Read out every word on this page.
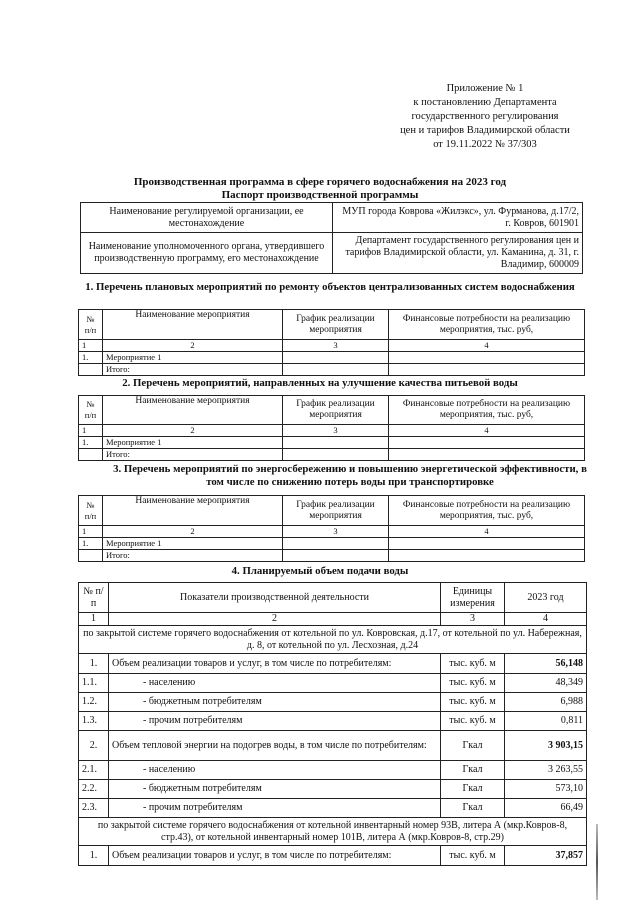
Приложение № 1
к постановлению Департамента
государственного регулирования
цен и тарифов Владимирской области
от 19.11.2022 № 37/303
Производственная программа в сфере горячего водоснабжения на 2023 год
Паспорт производственной программы
Наименование регулируемой организации, ее местонахождение	МУП города Коврова «Жилэкс», ул. Фурманова, д.17/2, г. Ковров, 601901
Наименование уполномоченного органа, утвердившего производственную программу, его местонахождение	Департамент государственного регулирования цен и тарифов Владимирской области, ул. Каманина, д. 31, г. Владимир, 600009
1. Перечень плановых мероприятий по ремонту объектов централизованных систем водоснабжения
№ п/п	Наименование мероприятия	График реализации мероприятия	Финансовые потребности на реализацию мероприятия, тыс. руб,
1	2	3	4
1.	Мероприятие 1		
	Итого:		
2. Перечень мероприятий, направленных на улучшение качества питьевой воды
№ п/п	Наименование мероприятия	График реализации мероприятия	Финансовые потребности на реализацию мероприятия, тыс. руб,
1	2	3	4
1.	Мероприятие 1		
	Итого:		
3. Перечень мероприятий по энергосбережению и повышению энергетической эффективности, в том числе по снижению потерь воды при транспортировке
№ п/п	Наименование мероприятия	График реализации мероприятия	Финансовые потребности на реализацию мероприятия, тыс. руб,
1	2	3	4
1.	Мероприятие 1		
	Итого:		
4. Планируемый объем подачи воды
№ п/п	Показатели производственной деятельности	Единицы измерения	2023 год
1	2	3	4
по закрытой системе горячего водоснабжения от котельной по ул. Ковровская, д.17, от котельной по ул. Набережная, д. 8, от котельной по ул. Лесхозная, д.24			
1.	Объем реализации товаров и услуг, в том числе по потребителям:	тыс. куб. м	56,148
1.1.	- населению	тыс. куб. м	48,349
1.2.	- бюджетным потребителям	тыс. куб. м	6,988
1.3.	- прочим потребителям	тыс. куб. м	0,811
2.	Объем тепловой энергии на подогрев воды, в том числе по потребителям:	Гкал	3 903,15
2.1.	- населению	Гкал	3 263,55
2.2.	- бюджетным потребителям	Гкал	573,10
2.3.	- прочим потребителям	Гкал	66,49
по закрытой системе горячего водоснабжения от котельной инвентарный номер 93В, литера А (мкр.Ковров-8, стр.43), от котельной инвентарный номер 101В, литера А (мкр.Ковров-8, стр.29)			
1.	Объем реализации товаров и услуг, в том числе по потребителям:	тыс. куб. м	37,857
